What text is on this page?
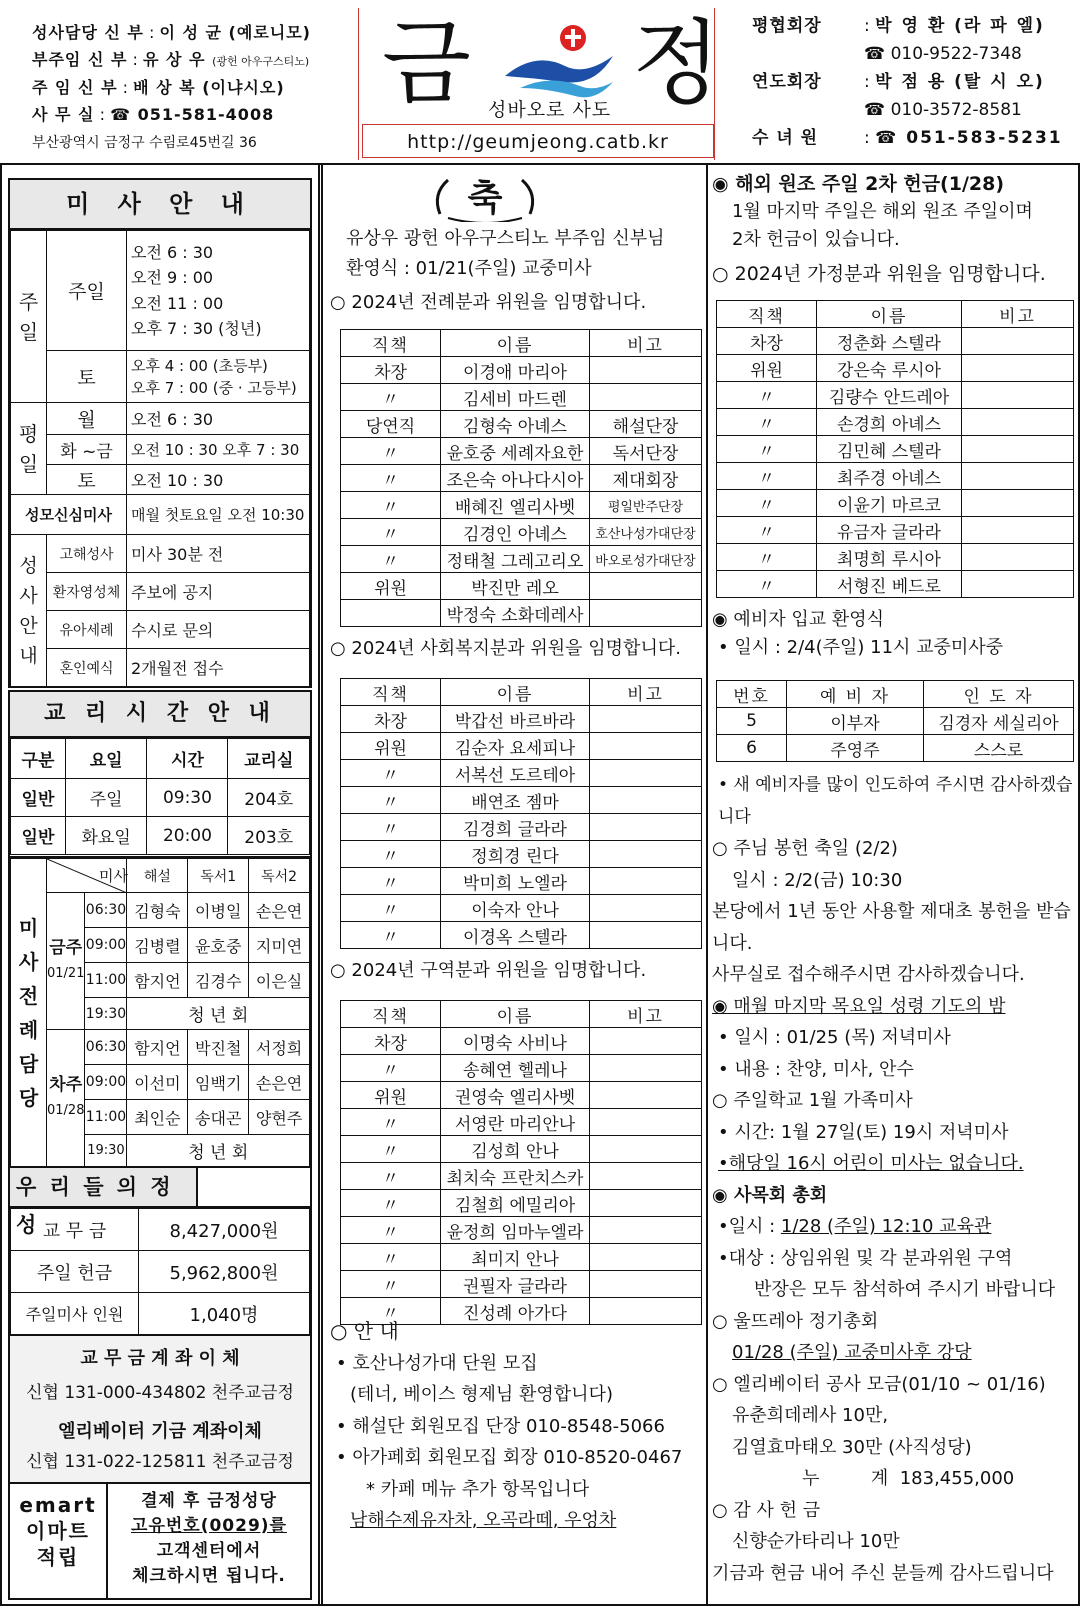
성사담당 신 부 : 이 성 균 (예로니모)
부주임 신 부 : 유 상 우 (광헌 아우구스티노)
주 임 신 부 : 배 상 복 (이냐시오)
사 무 실 : ☎ 051-581-4008
부산광역시 금정구 수림로45번길 36
금 정
성바오로 사도
http://geumjeong.catb.kr
평협회장 : 박 영 환 (라 파 엘)
☎ 010-9522-7348
연도회장 : 박 점 용 (탈 시 오)
☎ 010-3572-8581
수 녀 원	: ☎ 051-583-5231
미 사 안 내
주일	주일	오전 6 : 30
오전 9 : 00
오전 11 : 00
오후 7 : 30 (청년)

	토	오후 4 : 00 (초등부)
오후 7 : 00 (중 · 고등부)

평일	월	오전 6 : 30
	화 ~금	오전 10 : 30 오후 7 : 30
	토	오전 10 : 30
성모신심미사		매월 첫토요일 오전 10:30
성사안내	고해성사	미사 30분 전
	환자영성체	주보에 공지
	유아세례	수시로 문의
	혼인예식	2개월전 접수
교 리 시 간 안 내
구분	요일	시간	교리실
일반	주일	09:30	204호
일반	화요일	20:00	203호
미사전례담당	미사		해설	독서1	독서2

	금주
01/21	06:30	김형숙	이병일	손은연
		09:00	김병렬	윤호중	지미연
		11:00	함지언	김경수	이은실
		19:30	청 년 회		

	차주
01/28	06:30	함지언	박진철	서정희
		09:00	이선미	임백기	손은연
		11:00	최인순	송대곤	양현주
		19:30	청 년 회		
우 리 들 의 정 성 교 무 금	8,427,000원
주일 헌금	5,962,800원
주일미사 인원	1,040명
교 무 금 계 좌 이 체
신협 131-000-434802 천주교금정
엘리베이터 기금 계좌이체
신협 131-022-125811 천주교금정
emart
이마트
적립
결제 후 금정성당
고유번호(0029)를
고객센터에서
체크하시면 됩니다.
축
유상우 광헌 아우구스티노 부주임 신부님
환영식 : 01/21(주일) 교중미사
○ 2024년 전례분과 위원을 임명합니다.
직책	이름	비고
차장	이경애 마리아	
〃	김세비 마드렌	
당연직	김형숙 아녜스	해설단장
〃	윤호중 세례자요한	독서단장
〃	조은숙 아나다시아	제대회장
〃	배혜진 엘리사벳	평일반주단장
〃	김경인 아녜스	호산나성가대단장
〃	정태철 그레고리오	바오로성가대단장
위원	박진만 레오	
	박정숙 소화데레사	
○ 2024년 사회복지분과 위원을 임명합니다.
직책	이름	비고
차장	박갑선 바르바라	
위원	김순자 요세피나	
〃	서복선 도르테아	
〃	배연조 젬마	
〃	김경희 글라라	
〃	정희경 린다	
〃	박미희 노엘라	
〃	이숙자 안나	
〃	이경옥 스텔라	
○ 2024년 구역분과 위원을 임명합니다.
직책	이름	비고
차장	이명숙 사비나	
〃	송혜연 헬레나	
위원	권영숙 엘리사벳	
〃	서영란 마리안나	
〃	김성희 안나	
〃	최치숙 프란치스카	
〃	김철희 에밀리아	
〃	윤정희 임마누엘라	
〃	최미지 안나	
〃	권필자 글라라	
〃	진성례 아가다	
○ 안 내
• 호산나성가대 단원 모집
(테너, 베이스 형제님 환영합니다)
• 해설단 회원모집 단장 010-8548-5066
• 아가페회 회원모집 회장 010-8520-0467
* 카페 메뉴 추가 항목입니다
남해수제유자차, 오곡라떼, 우엉차
◉ 해외 원조 주일 2차 헌금(1/28)
1월 마지막 주일은 해외 원조 주일이며
2차 헌금이 있습니다.
○ 2024년 가정분과 위원을 임명합니다.
직책	이름	비고
차장	정춘화 스텔라	
위원	강은숙 루시아	
〃	김량수 안드레아	
〃	손경희 아녜스	
〃	김민혜 스텔라	
〃	최주경 아녜스	
〃	이윤기 마르코	
〃	유금자 글라라	
〃	최명희 루시아	
〃	서형진 베드로	
◉ 예비자 입교 환영식
• 일시 : 2/4(주일) 11시 교중미사중
번호	예 비 자	인 도 자
5	이부자	김경자 세실리아
6	주영주	스스로
• 새 예비자를 많이 인도하여 주시면 감사하겠습니다
○ 주님 봉헌 축일 (2/2)
일시 : 2/2(금) 10:30
본당에서 1년 동안 사용할 제대초 봉헌을 받습니다.
사무실로 접수해주시면 감사하겠습니다.
◉ 매월 마지막 목요일 성령 기도의 밤
• 일시 : 01/25 (목) 저녁미사
• 내용 : 찬양, 미사, 안수
○ 주일학교 1월 가족미사
• 시간: 1월 27일(토) 19시 저녁미사
•해당일 16시 어린이 미사는 없습니다.
◉ 사목회 총회
•일시 : 1/28 (주일) 12:10 교육관
•대상 : 상임위원 및 각 분과위원 구역
반장은 모두 참석하여 주시기 바랍니다
○ 울뜨레아 정기총회
01/28 (주일) 교중미사후 강당
○ 엘리베이터 공사 모금(01/10 ~ 01/16)
유춘희데레사 10만,
김열효마태오 30만 (사직성당)
누         계  183,455,000
○ 감 사 헌 금
신향순가타리나 10만
기금과 현금 내어 주신 분들께 감사드립니다
